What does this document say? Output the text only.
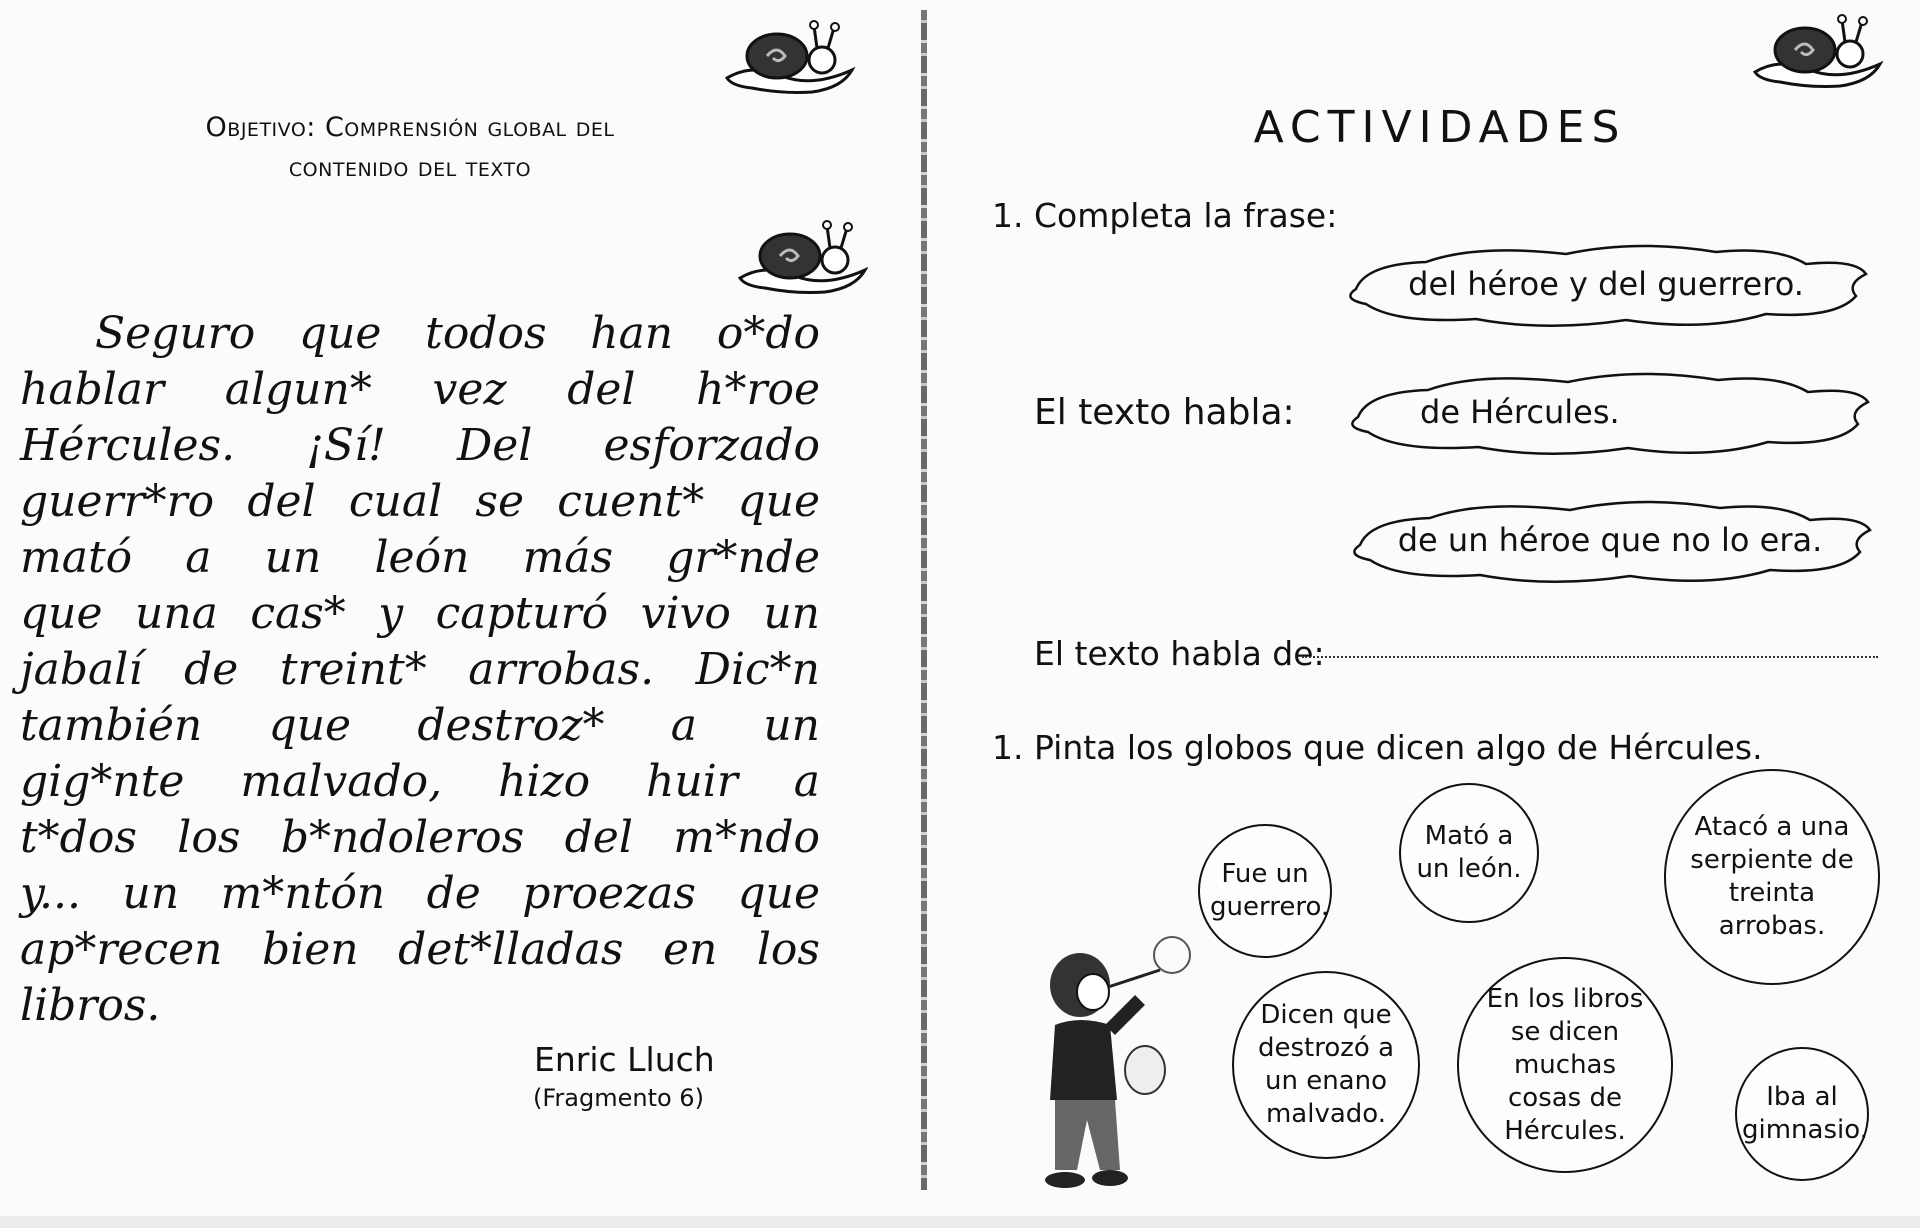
Objetivo: Comprensión global del
contenido del texto
Seguro que todos han o*do
hablar algun* vez del h*roe
Hércules. ¡Sí! Del esforzado
guerr*ro del cual se cuent* que
mató a un león más gr*nde
que una cas* y capturó vivo un
jabalí de treint* arrobas. Dic*n
también que destroz* a un
gig*nte malvado, hizo huir a
t*dos los b*ndoleros del m*ndo
y... un m*ntón de proezas que
ap*recen bien det*lladas en los
libros.
Enric Lluch
(Fragmento 6)
ACTIVIDADES
1. Completa la frase:
El texto habla:
del héroe y del guerrero.
de Hércules.
de un héroe que no lo era.
El texto habla de:
1. Pinta los globos que dicen algo de Hércules.
Fue un guerrero.
Mató a un león.
Atacó a una serpiente de treinta arrobas.
Dicen que destrozó a un enano malvado.
En los libros se dicen muchas cosas de Hércules.
Iba al gimnasio.
